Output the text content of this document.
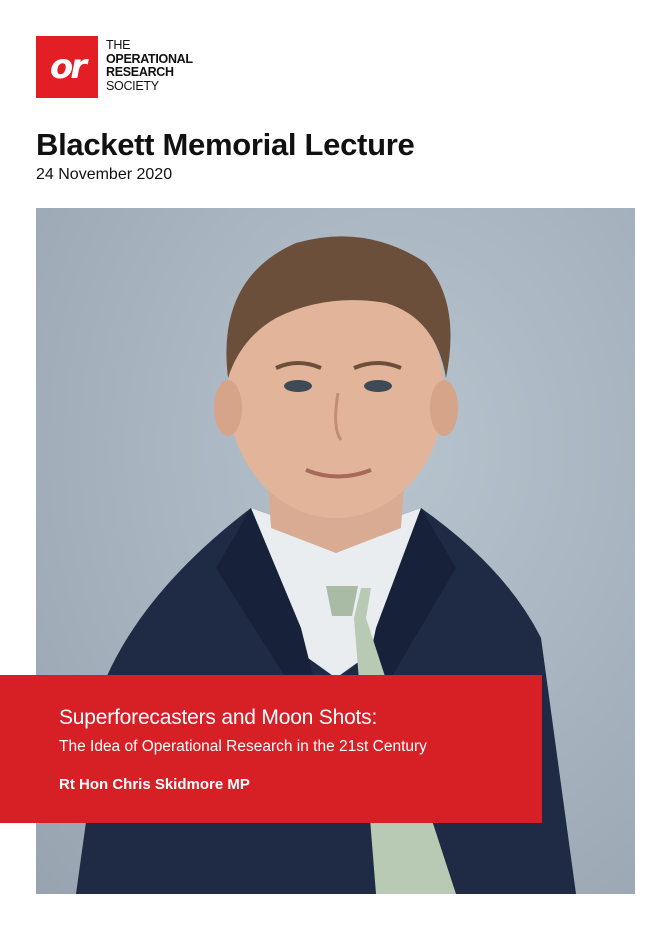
or
THE
OPERATIONAL
RESEARCH
SOCIETY
Blackett Memorial Lecture
24 November 2020
Superforecasters and Moon Shots:
The Idea of Operational Research in the 21st Century
Rt Hon Chris Skidmore MP
